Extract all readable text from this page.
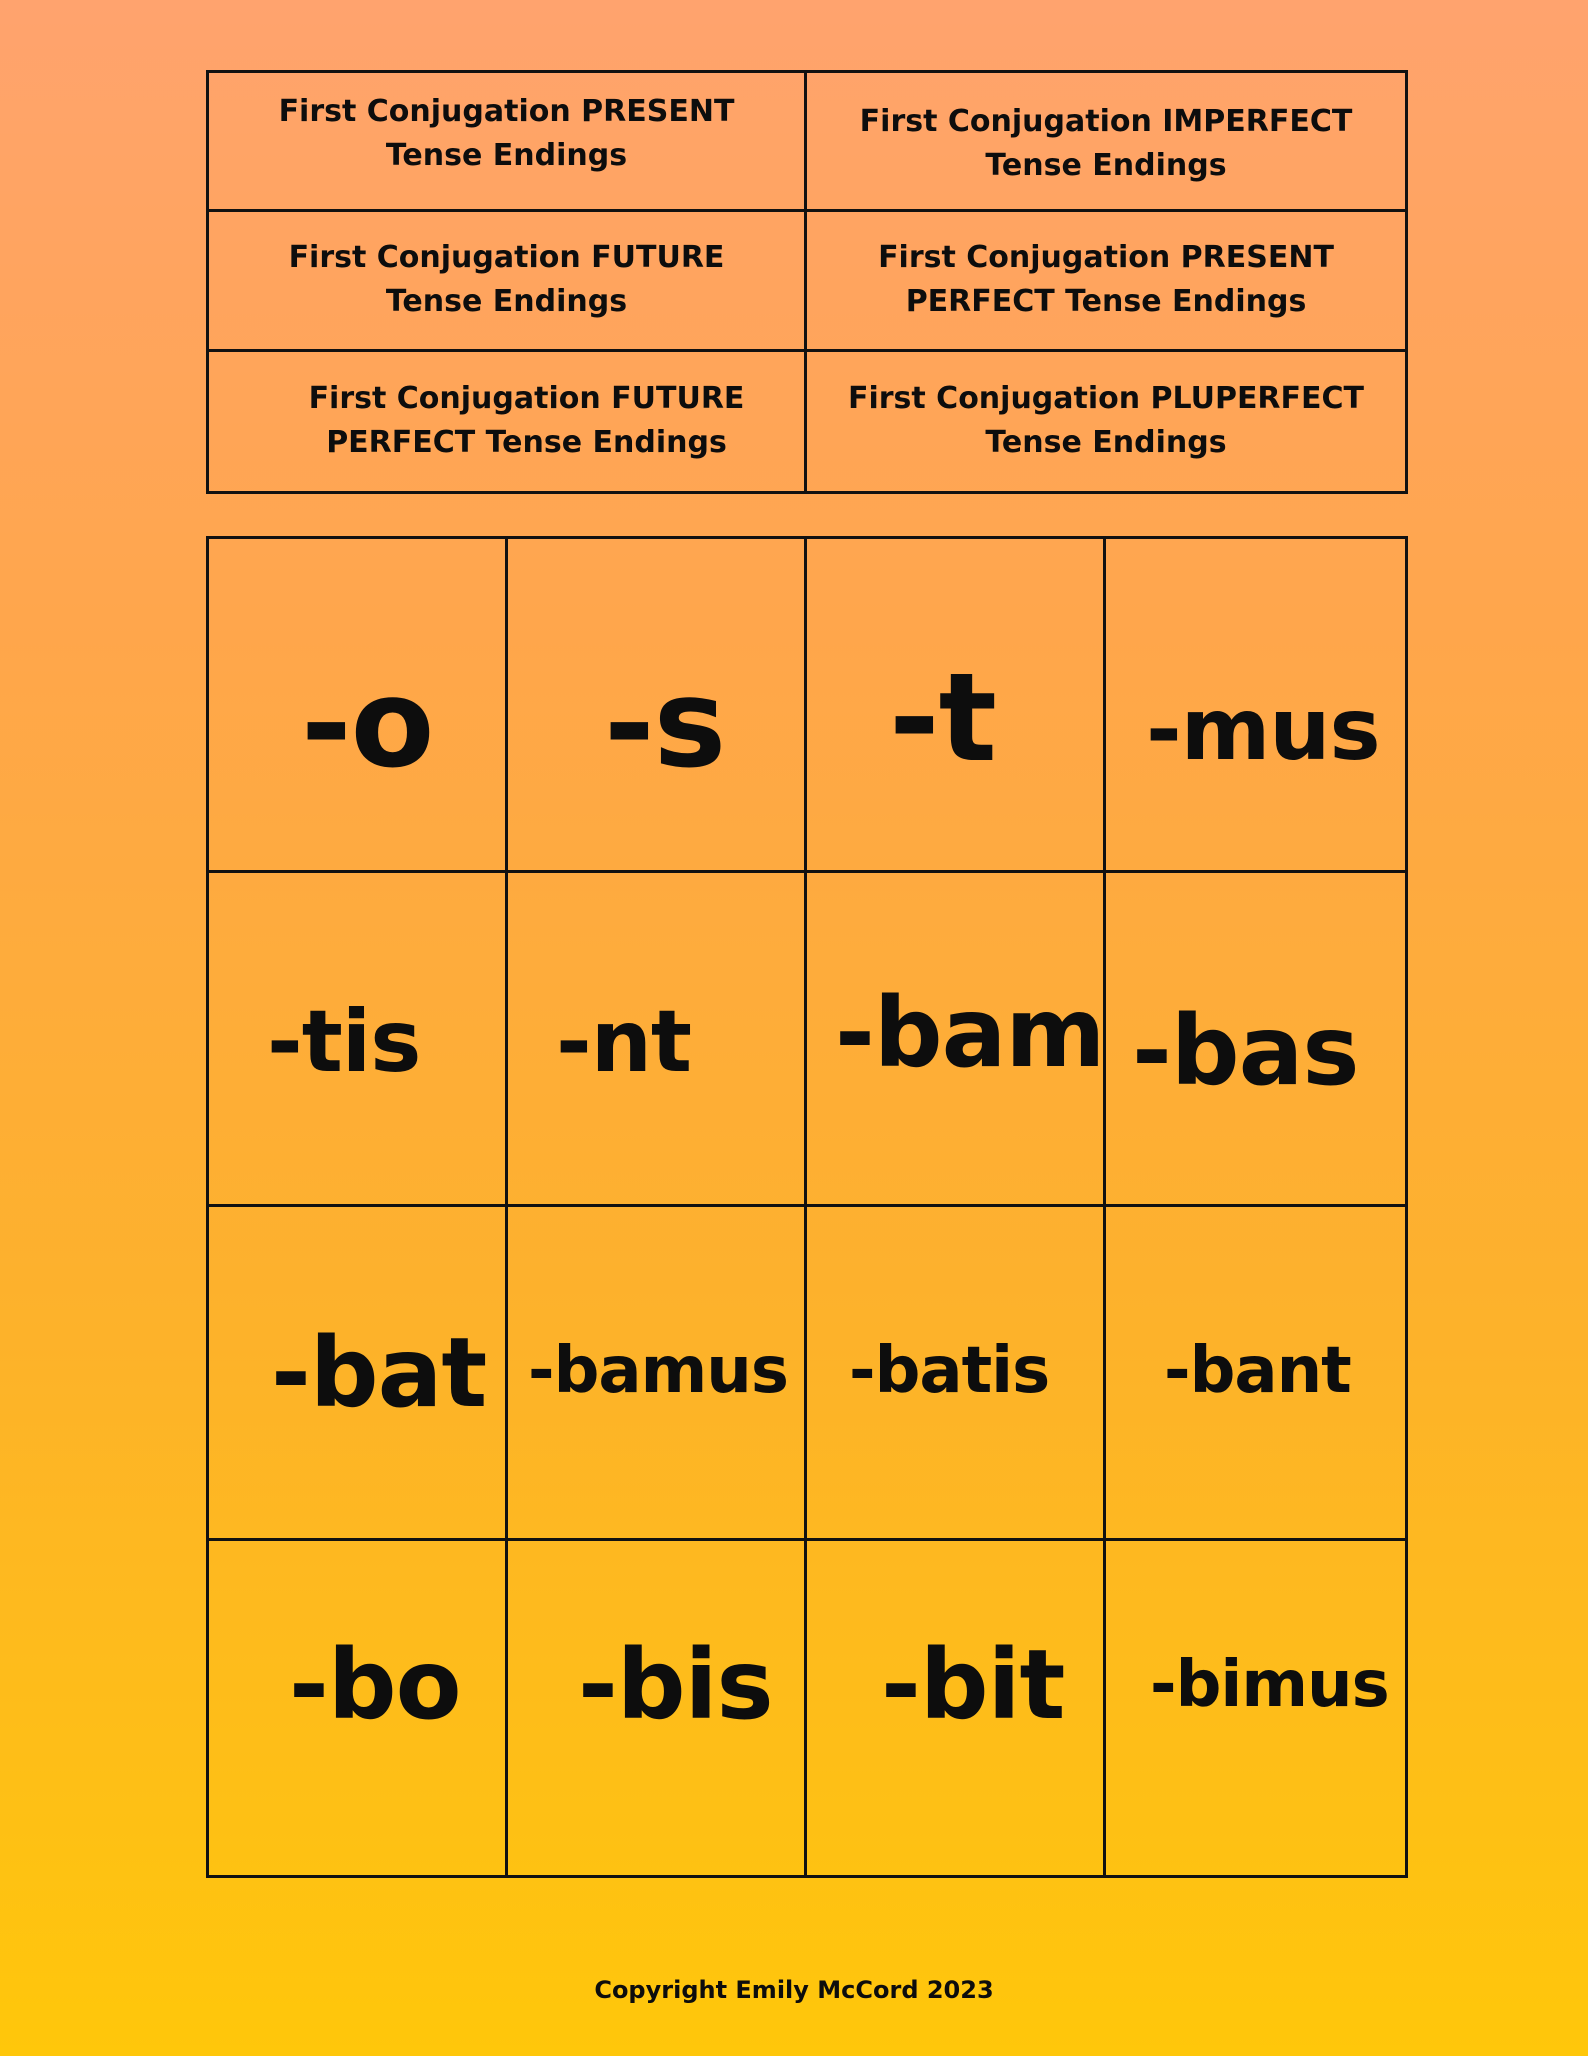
First Conjugation PRESENT Tense Endings
First Conjugation IMPERFECT Tense Endings
First Conjugation FUTURE Tense Endings
First Conjugation PRESENT PERFECT Tense Endings
First Conjugation FUTURE PERFECT Tense Endings
First Conjugation PLUPERFECT Tense Endings
-o -s -t -mus
-tis -nt -bam -bas
-bat -bamus -batis -bant
-bo -bis -bit -bimus
Copyright Emily McCord 2023
